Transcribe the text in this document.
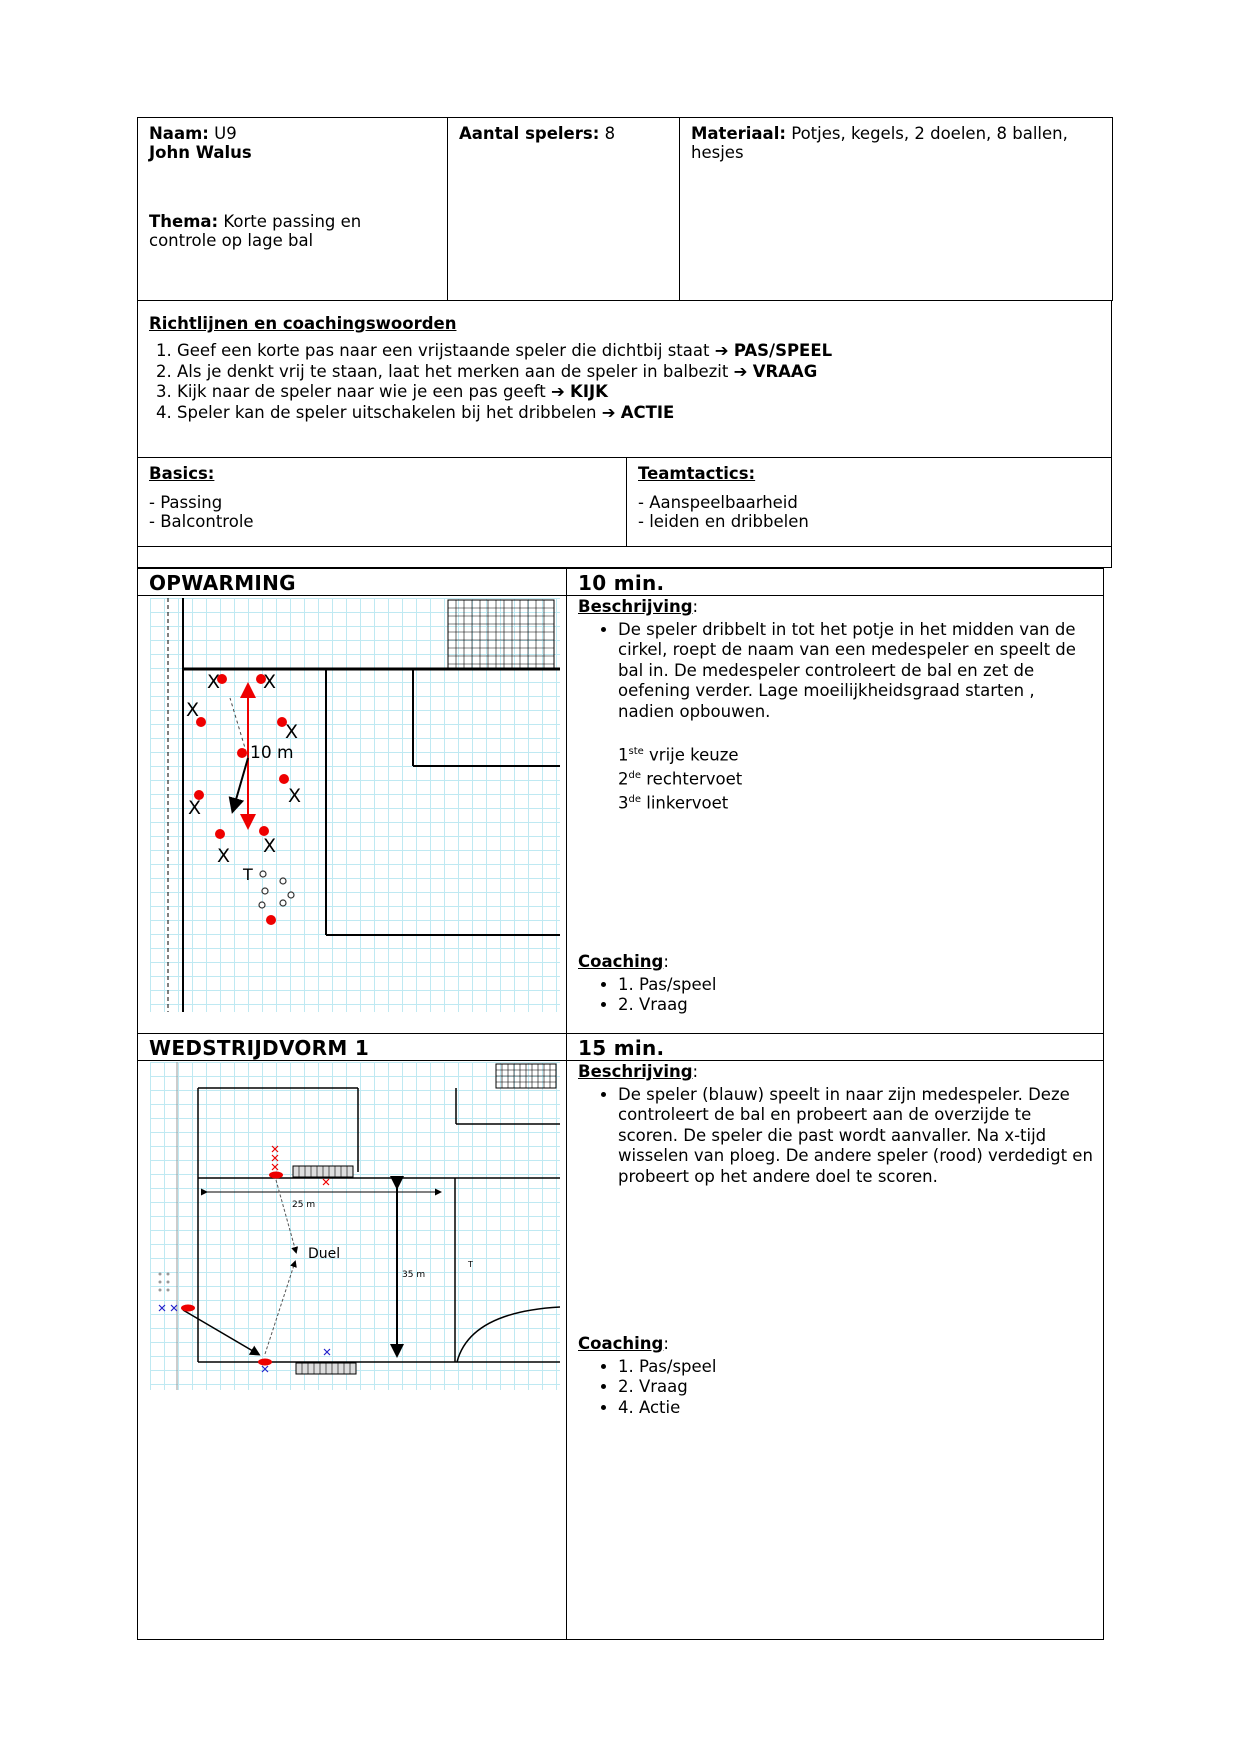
Naam: U9
John Walus
Thema: Korte passing en controle op lage bal
	Aantal spelers: 8	Materiaal: Potjes, kegels, 2 doelen, 8 ballen, hesjes
Richtlijnen en coachingswoorden
1. Geef een korte pas naar een vrijstaande speler die dichtbij staat ➔ PAS/SPEEL
2. Als je denkt vrij te staan, laat het merken aan de speler in balbezit ➔ VRAAG
3. Kijk naar de speler naar wie je een pas geeft ➔ KIJK
4. Speler kan de speler uitschakelen bij het dribbelen ➔ ACTIE
Basics:
- Passing
- Balcontrole
Teamtactics:
- Aanspeelbaarheid
- leiden en dribbelen
OPWARMING	10 min.
X X
X
X
X
X
X X
10 m
T
Beschrijving:
• De speler dribbelt in tot het potje in het midden van de cirkel, roept de naam van een medespeler en speelt de bal in. De medespeler controleert de bal en zet de oefening verder. Lage moeilijkheidsgraad starten , nadien opbouwen.
1ste vrije keuze
2de rechtervoet
3de linkervoet
Coaching:
• 1. Pas/speel
• 2. Vraag
WEDSTRIJDVORM 1	15 min.
25 m
35 m
Duel
T
Beschrijving:
• De speler (blauw) speelt in naar zijn medespeler. Deze controleert de bal en probeert aan de overzijde te scoren. De speler die past wordt aanvaller. Na x-tijd wisselen van ploeg. De andere speler (rood) verdedigt en probeert op het andere doel te scoren.
Coaching:
• 1. Pas/speel
• 2. Vraag
• 4. Actie
